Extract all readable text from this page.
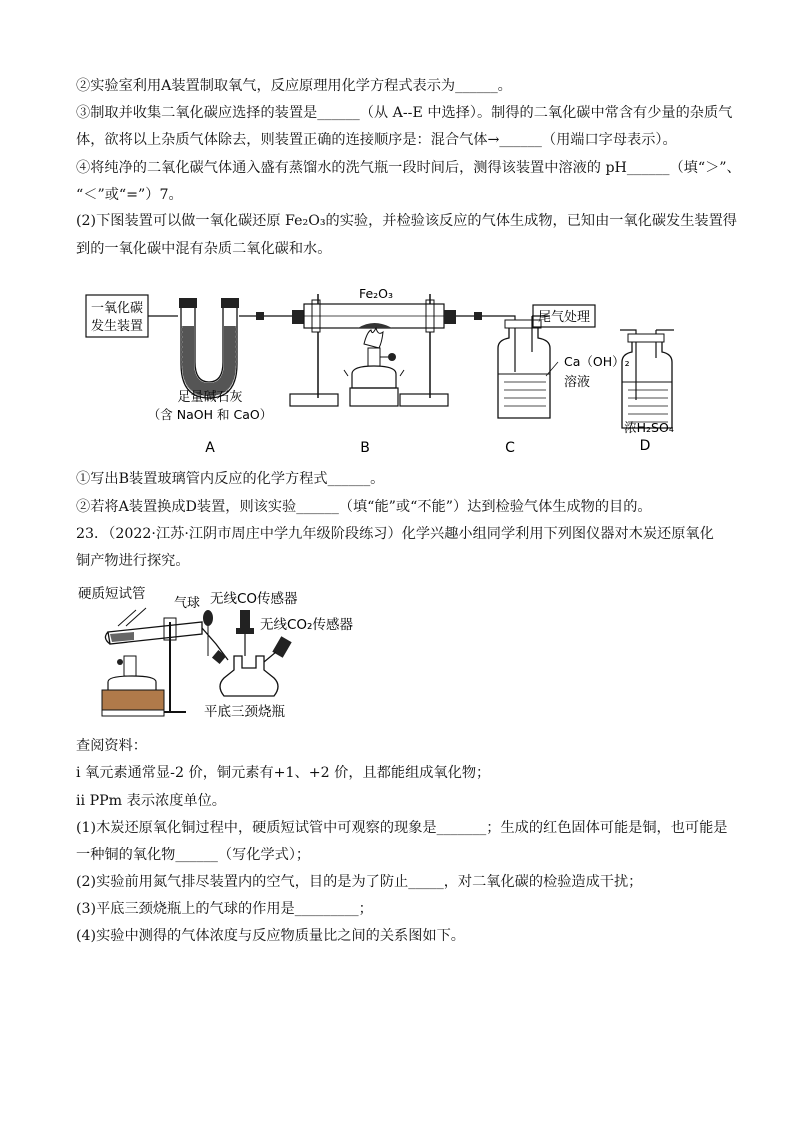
②实验室利用A装置制取氧气，反应原理用化学方程式表示为______。
③制取并收集二氧化碳应选择的装置是______（从 A--E 中选择）。制得的二氧化碳中常含有少量的杂质气
体，欲将以上杂质气体除去，则装置正确的连接顺序是：混合气体→______（用端口字母表示）。
④将纯净的二氧化碳气体通入盛有蒸馏水的洗气瓶一段时间后，测得该装置中溶液的 pH______（填“＞”、
“＜”或“=”）7。
(2)下图装置可以做一氧化碳还原 Fe₂O₃的实验，并检验该反应的气体生成物，已知由一氧化碳发生装置得
到的一氧化碳中混有杂质二氧化碳和水。
一氧化碳
发生装置
足量碱石灰
（含 NaOH 和 CaO）
A
Fe₂O₃
B
尾气处理
Ca（OH）₂
溶液
C
浓H₂SO₄
D
①写出B装置玻璃管内反应的化学方程式______。
②若将A装置换成D装置，则该实验______（填“能”或“不能”）达到检验气体生成物的目的。
23．（2022·江苏·江阴市周庄中学九年级阶段练习）化学兴趣小组同学利用下列图仪器对木炭还原氧化
铜产物进行探究。
硬质短试管
气球 无线CO传感器
无线CO₂传感器
平底三颈烧瓶
查阅资料：
ⅰ 氧元素通常显-2 价，铜元素有+1、+2 价，且都能组成氧化物；
ⅱ PPm 表示浓度单位。
(1)木炭还原氧化铜过程中，硬质短试管中可观察的现象是_______；生成的红色固体可能是铜，也可能是
一种铜的氧化物______（写化学式）；
(2)实验前用氮气排尽装置内的空气，目的是为了防止_____，对二氧化碳的检验造成干扰；
(3)平底三颈烧瓶上的气球的作用是_________；
(4)实验中测得的气体浓度与反应物质量比之间的关系图如下。
